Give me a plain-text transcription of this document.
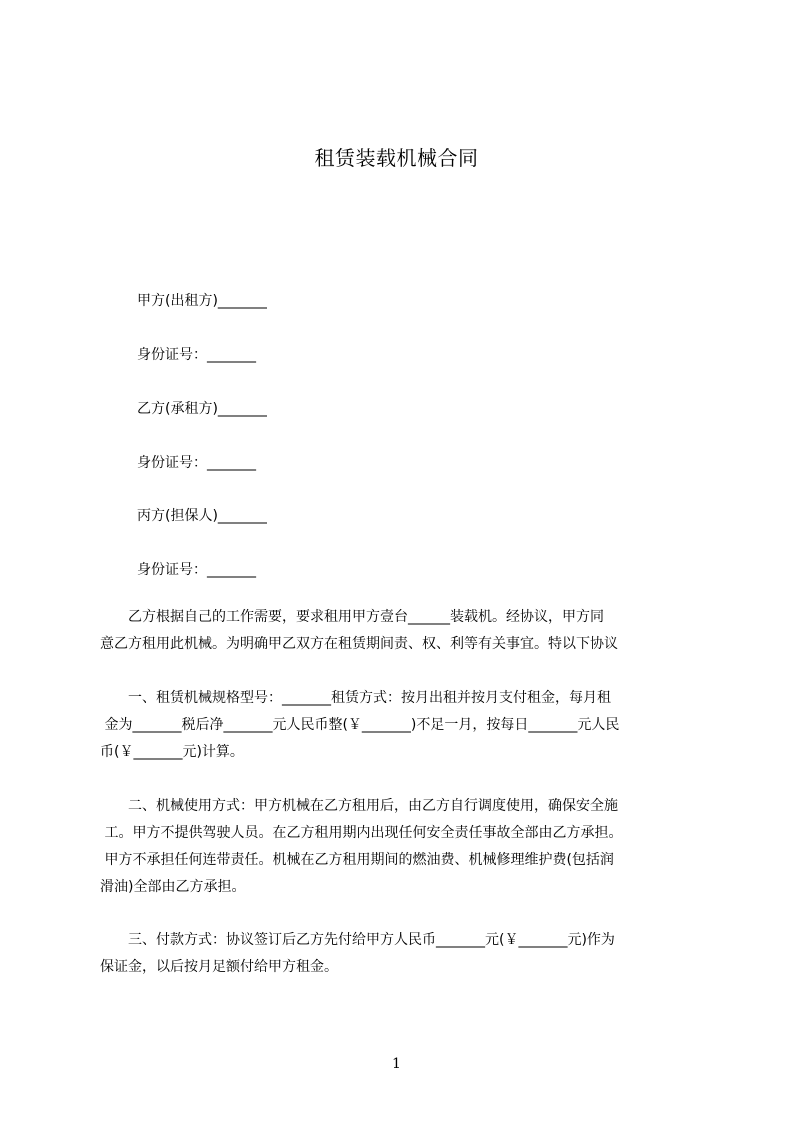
租赁装载机械合同
甲方(出租方)_______
身份证号：_______
乙方(承租方)_______
身份证号：_______
丙方(担保人)_______
身份证号：_______
　　乙方根据自己的工作需要，要求租用甲方壹台______装载机。经协议，甲方同
意乙方租用此机械。为明确甲乙双方在租赁期间责、权、利等有关事宜。特以下协议
　　一、租赁机械规格型号：_______租赁方式：按月出租并按月支付租金，每月租
金为_______税后净_______元人民币整(￥_______)不足一月，按每日_______元人民
币(￥_______元)计算。
　　二、机械使用方式：甲方机械在乙方租用后，由乙方自行调度使用，确保安全施
工。甲方不提供驾驶人员。在乙方租用期内出现任何安全责任事故全部由乙方承担。
甲方不承担任何连带责任。机械在乙方租用期间的燃油费、机械修理维护费(包括润
滑油)全部由乙方承担。
　　三、付款方式：协议签订后乙方先付给甲方人民币_______元(￥_______元)作为
保证金，以后按月足额付给甲方租金。
1
